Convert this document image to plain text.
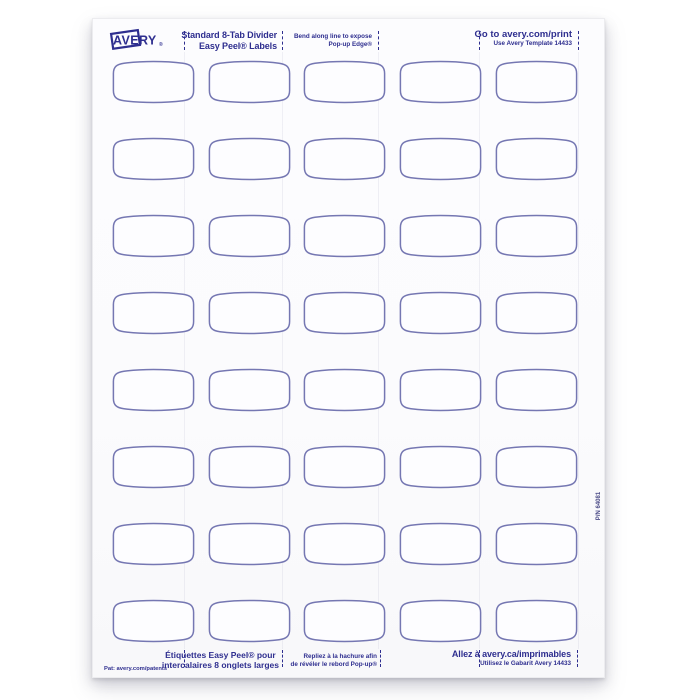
AVERY ®
Standard 8-Tab Divider
Easy Peel® Labels
Bend along line to expose
Pop-up Edge®
Go to avery.com/print
Use Avery Template 14433
Étiquettes Easy Peel® pour
intercalaires 8 onglets larges
Repliez à la hachure afin
de révéler le rebord Pop-up®
Allez à avery.ca/imprimables
Utilisez le Gabarit Avery 14433
Pat: avery.com/patents
P/N 64081
